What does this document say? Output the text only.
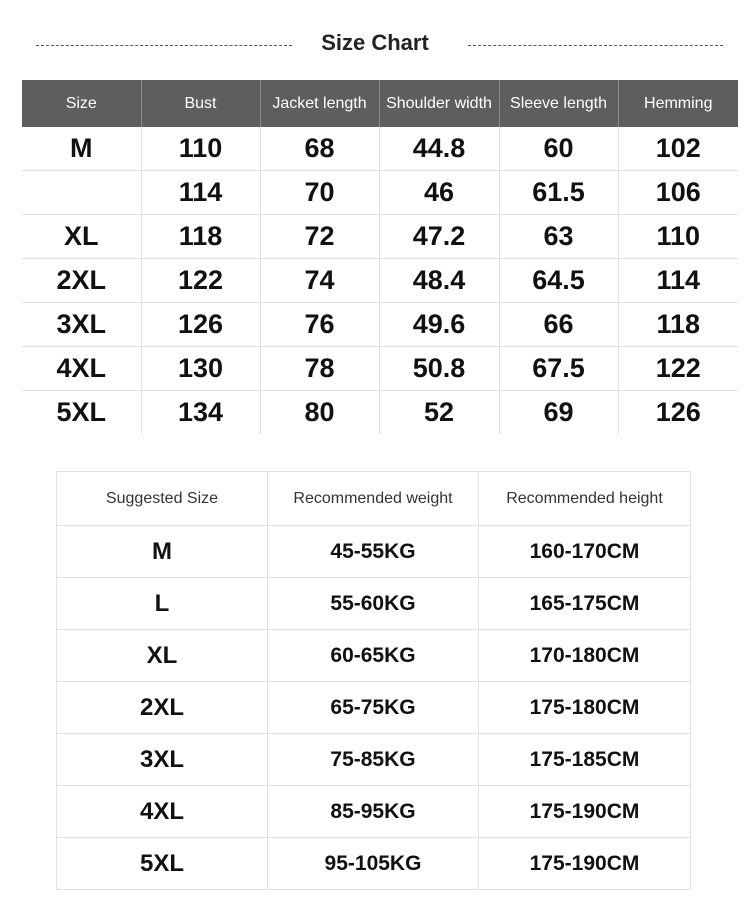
Size Chart
Size	Bust	Jacket length	Shoulder width	Sleeve length	Hemming
M	110	68	44.8	60	102
	114	70	46	61.5	106
XL	118	72	47.2	63	110
2XL	122	74	48.4	64.5	114
3XL	126	76	49.6	66	118
4XL	130	78	50.8	67.5	122
5XL	134	80	52	69	126
Suggested Size	Recommended weight	Recommended height
M	45-55KG	160-170CM
L	55-60KG	165-175CM
XL	60-65KG	170-180CM
2XL	65-75KG	175-180CM
3XL	75-85KG	175-185CM
4XL	85-95KG	175-190CM
5XL	95-105KG	175-190CM
